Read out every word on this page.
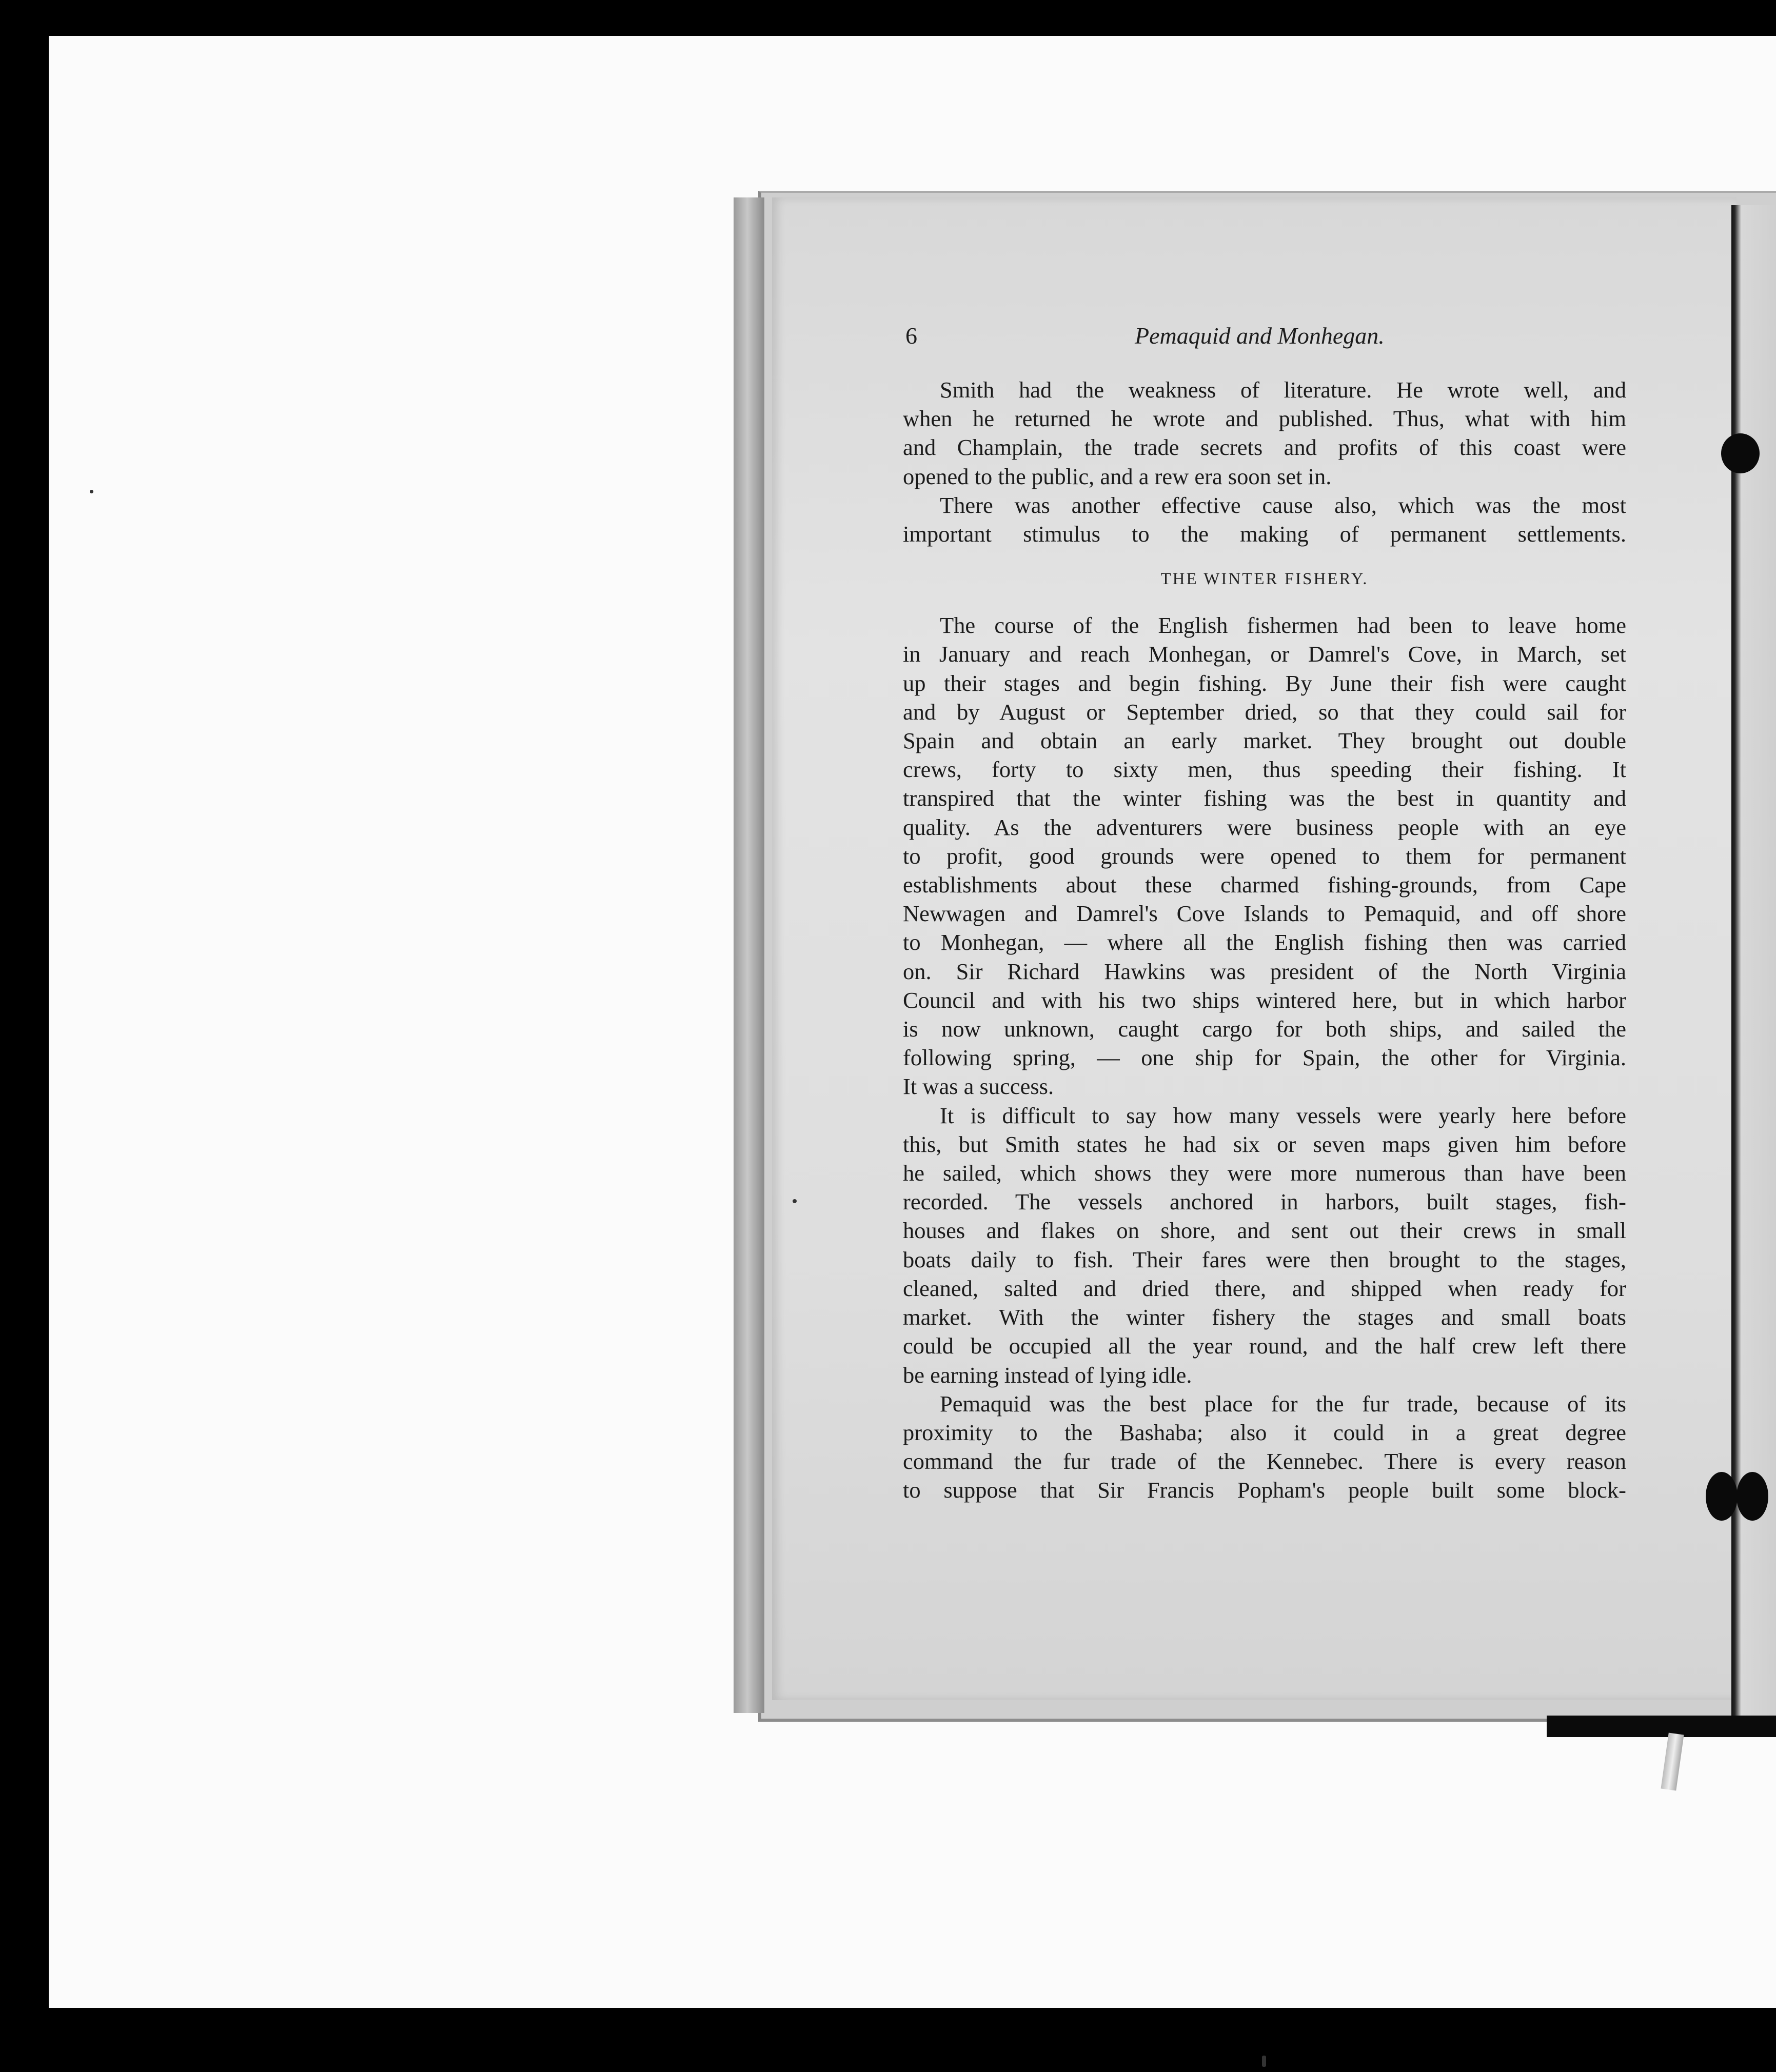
6	Pemaquid and Monhegan.
Smith had the weakness of literature. He wrote well, and
when he returned he wrote and published. Thus, what with him
and Champlain, the trade secrets and profits of this coast were
opened to the public, and a rew era soon set in.
There was another effective cause also, which was the most
important stimulus to the making of permanent settlements.
THE WINTER FISHERY.
The course of the English fishermen had been to leave home
in January and reach Monhegan, or Damrel's Cove, in March, set
up their stages and begin fishing. By June their fish were caught
and by August or September dried, so that they could sail for
Spain and obtain an early market. They brought out double
crews, forty to sixty men, thus speeding their fishing. It
transpired that the winter fishing was the best in quantity and
quality. As the adventurers were business people with an eye
to profit, good grounds were opened to them for permanent
establishments about these charmed fishing-grounds, from Cape
Newwagen and Damrel's Cove Islands to Pemaquid, and off shore
to Monhegan, — where all the English fishing then was carried
on. Sir Richard Hawkins was president of the North Virginia
Council and with his two ships wintered here, but in which harbor
is now unknown, caught cargo for both ships, and sailed the
following spring, — one ship for Spain, the other for Virginia.
It was a success.
It is difficult to say how many vessels were yearly here before
this, but Smith states he had six or seven maps given him before
he sailed, which shows they were more numerous than have been
recorded. The vessels anchored in harbors, built stages, fish-
houses and flakes on shore, and sent out their crews in small
boats daily to fish. Their fares were then brought to the stages,
cleaned, salted and dried there, and shipped when ready for
market. With the winter fishery the stages and small boats
could be occupied all the year round, and the half crew left there
be earning instead of lying idle.
Pemaquid was the best place for the fur trade, because of its
proximity to the Bashaba; also it could in a great degree
command the fur trade of the Kennebec. There is every reason
to suppose that Sir Francis Popham's people built some block-
